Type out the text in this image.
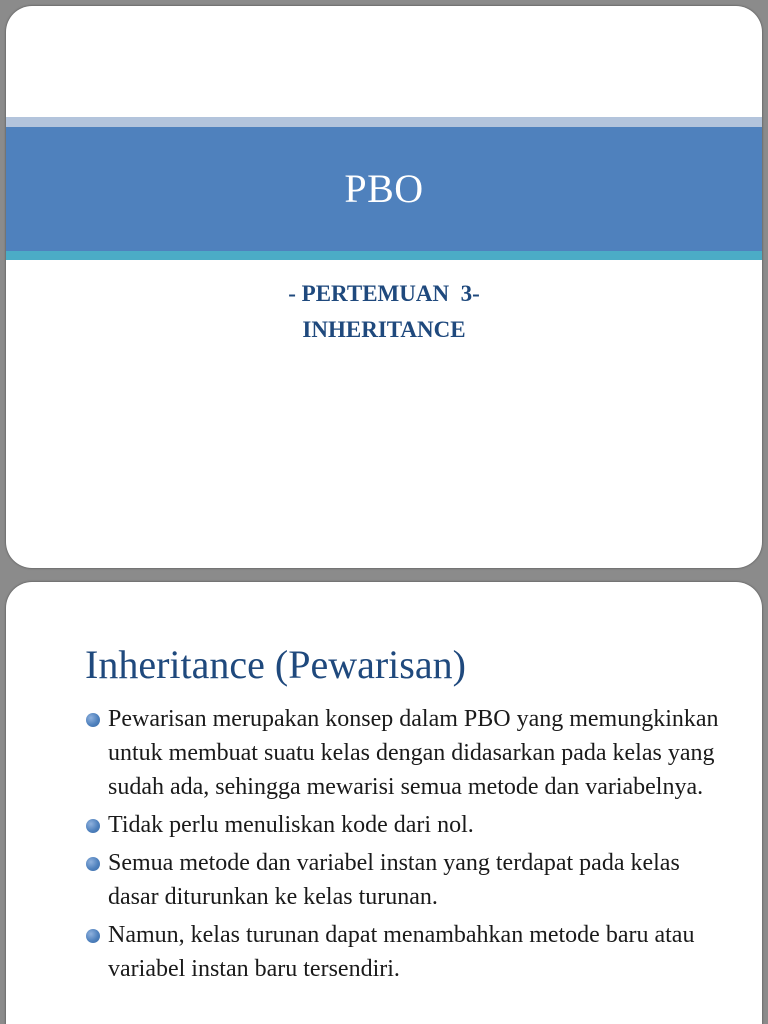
PBO
- PERTEMUAN  3-
INHERITANCE
Inheritance (Pewarisan)
Pewarisan merupakan konsep dalam PBO yang memungkinkan untuk membuat suatu kelas dengan didasarkan pada kelas yang sudah ada, sehingga mewarisi semua metode dan variabelnya.
Tidak perlu menuliskan kode dari nol.
Semua metode dan variabel instan yang terdapat pada kelas dasar diturunkan ke kelas turunan.
Namun, kelas turunan dapat menambahkan metode baru atau variabel instan baru tersendiri.
